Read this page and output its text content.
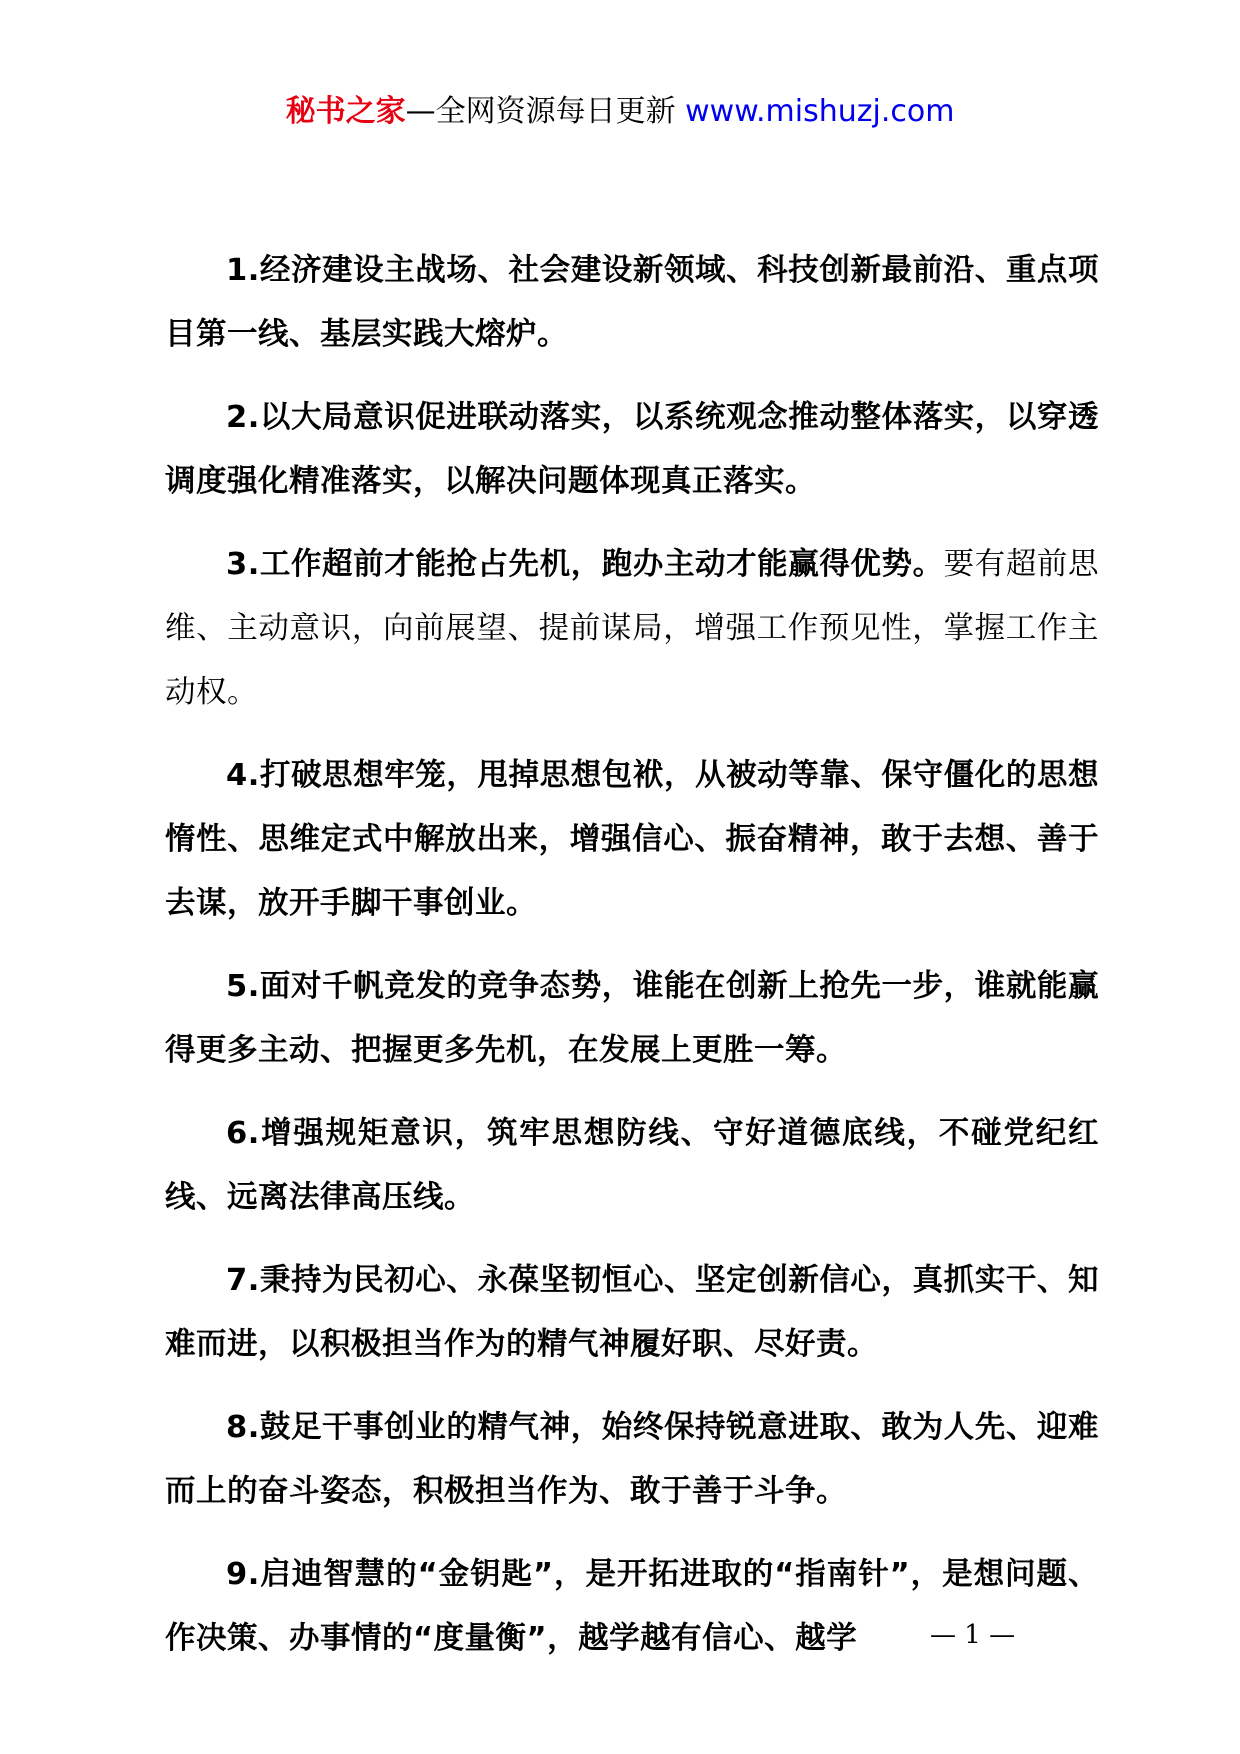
秘书之家—全网资源每日更新 www.mishuzj.com

1.经济建设主战场、社会建设新领域、科技创新最前沿、重点项目第一线、基层实践大熔炉。

2.以大局意识促进联动落实，以系统观念推动整体落实，以穿透调度强化精准落实，以解决问题体现真正落实。

3.工作超前才能抢占先机，跑办主动才能赢得优势。要有超前思维、主动意识，向前展望、提前谋局，增强工作预见性，掌握工作主动权。

4.打破思想牢笼，甩掉思想包袱，从被动等靠、保守僵化的思想惰性、思维定式中解放出来，增强信心、振奋精神，敢于去想、善于去谋，放开手脚干事创业。

5.面对千帆竞发的竞争态势，谁能在创新上抢先一步，谁就能赢得更多主动、把握更多先机，在发展上更胜一筹。

6.增强规矩意识，筑牢思想防线、守好道德底线，不碰党纪红线、远离法律高压线。

7.秉持为民初心、永葆坚韧恒心、坚定创新信心，真抓实干、知难而进，以积极担当作为的精气神履好职、尽好责。

8.鼓足干事创业的精气神，始终保持锐意进取、敢为人先、迎难而上的奋斗姿态，积极担当作为、敢于善于斗争。

9.启迪智慧的“金钥匙”，是开拓进取的“指南针”，是想问题、作决策、办事情的“度量衡”，越学越有信心、越学	— 1 —
